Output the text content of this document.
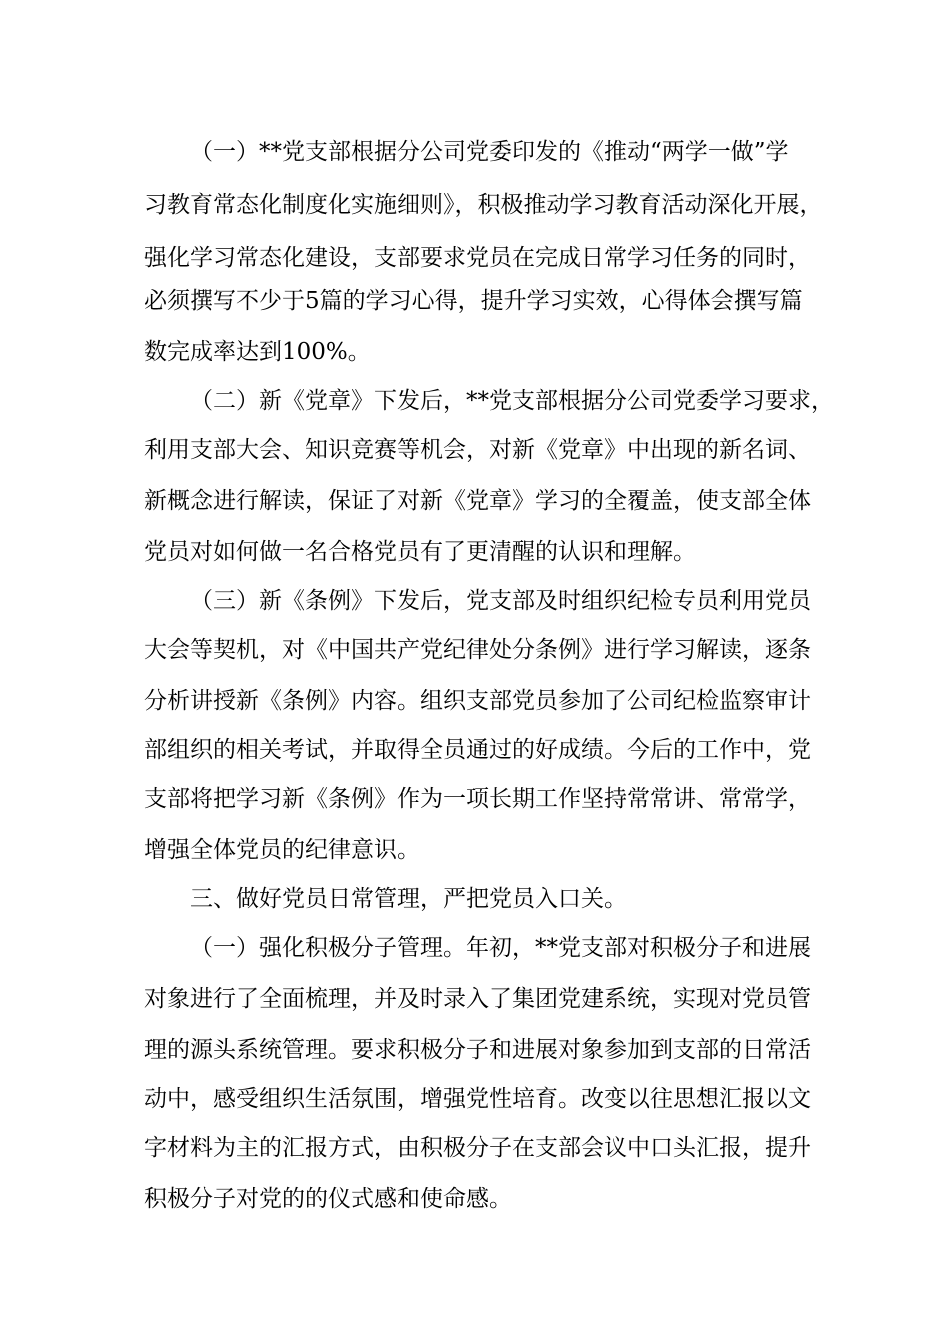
（一）**党支部根据分公司党委印发的《推动“两学一做”学
习教育常态化制度化实施细则》，积极推动学习教育活动深化开展，
强化学习常态化建设，支部要求党员在完成日常学习任务的同时，
必须撰写不少于5篇的学习心得，提升学习实效，心得体会撰写篇
数完成率达到100%。
（二）新《党章》下发后，**党支部根据分公司党委学习要求，
利用支部大会、知识竞赛等机会，对新《党章》中出现的新名词、
新概念进行解读，保证了对新《党章》学习的全覆盖，使支部全体
党员对如何做一名合格党员有了更清醒的认识和理解。
（三）新《条例》下发后，党支部及时组织纪检专员利用党员
大会等契机，对《中国共产党纪律处分条例》进行学习解读，逐条
分析讲授新《条例》内容。组织支部党员参加了公司纪检监察审计
部组织的相关考试，并取得全员通过的好成绩。今后的工作中，党
支部将把学习新《条例》作为一项长期工作坚持常常讲、常常学，
增强全体党员的纪律意识。
三、做好党员日常管理，严把党员入口关。
（一）强化积极分子管理。年初，**党支部对积极分子和进展
对象进行了全面梳理，并及时录入了集团党建系统，实现对党员管
理的源头系统管理。要求积极分子和进展对象参加到支部的日常活
动中，感受组织生活氛围，增强党性培育。改变以往思想汇报以文
字材料为主的汇报方式，由积极分子在支部会议中口头汇报，提升
积极分子对党的的仪式感和使命感。
